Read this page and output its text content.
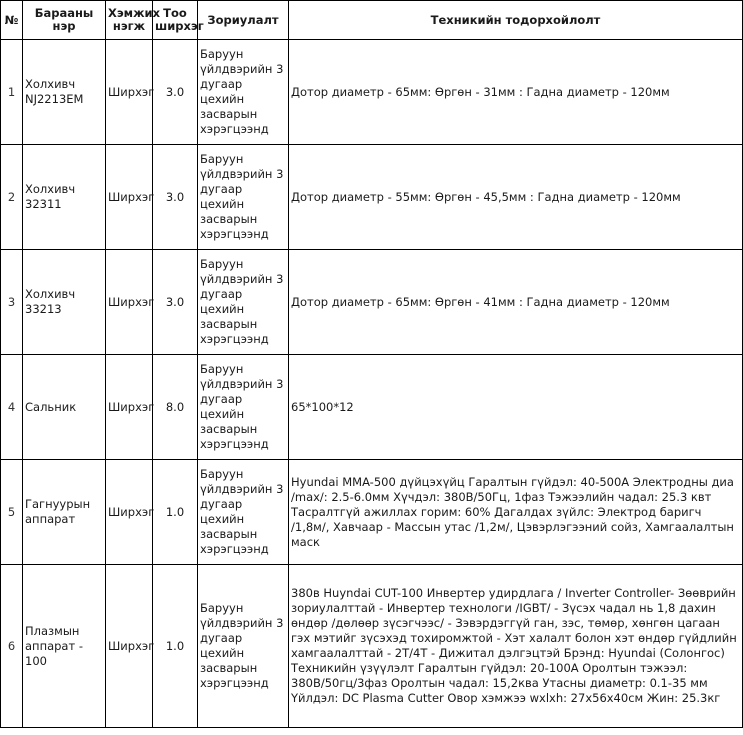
№	Барааны нэр	Хэмжих нэгж	Тоо ширхэг	Зориулалт	Техникийн тодорхойлолт
1	Холхивч NJ2213EM	Ширхэг	3.0	Баруун үйлдвэрийн 3 дугаар цехийн засварын хэрэгцээнд	Дотор диаметр - 65мм: Өргөн - 31мм : Гадна диаметр - 120мм
2	Холхивч 32311	Ширхэг	3.0	Баруун үйлдвэрийн 3 дугаар цехийн засварын хэрэгцээнд	Дотор диаметр - 55мм: Өргөн - 45,5мм : Гадна диаметр - 120мм
3	Холхивч 33213	Ширхэг	3.0	Баруун үйлдвэрийн 3 дугаар цехийн засварын хэрэгцээнд	Дотор диаметр - 65мм: Өргөн - 41мм : Гадна диаметр - 120мм
4	Сальник	Ширхэг	8.0	Баруун үйлдвэрийн 3 дугаар цехийн засварын хэрэгцээнд	65*100*12
5	Гагнуурын аппарат	Ширхэг	1.0	Баруун үйлдвэрийн 3 дугаар цехийн засварын хэрэгцээнд	Hyundai MMA-500 дүйцэхүйц Гаралтын гүйдэл: 40-500A Электродны диа /max/: 2.5-6.0мм Хүчдэл: 380В/50Гц, 1фаз Тэжээлийн чадал: 25.3 квт Тасралтгүй ажиллах горим: 60% Дагалдах зүйлс: Электрод баригч /1,8м/, Хавчаар - Массын утас /1,2м/, Цэвэрлэгээний сойз, Хамгаалалтын маск
6	Плазмын аппарат - 100	Ширхэг	1.0	Баруун үйлдвэрийн 3 дугаар цехийн засварын хэрэгцээнд	380в Huyndai CUT-100 Инвертер удирдлага / Inverter Controller- Зөөврийн зориулалттай - Инвертер технологи /IGBT/ - Зүсэх чадал нь 1,8 дахин өндөр /дөлөөр зүсэгчээс/ - Зэвэрдэггүй ган, зэс, төмөр, хөнгөн цагаан гэх мэтийг зүсэхэд тохиромжтой - Хэт халалт болон хэт өндөр гүйдлийн хамгаалалттай - 2T/4T - Дижитал дэлгэцтэй Брэнд: Hyundai (Солонгос) Техникийн үзүүлэлт Гаралтын гүйдэл: 20-100A Оролтын тэжээл: 380В/50гц/3фаз Оролтын чадал: 15,2ква Утасны диаметр: 0.1-35 мм Үйлдэл: DC Plasma Cutter Овор хэмжээ wxlxh: 27х56х40см Жин: 25.3кг
